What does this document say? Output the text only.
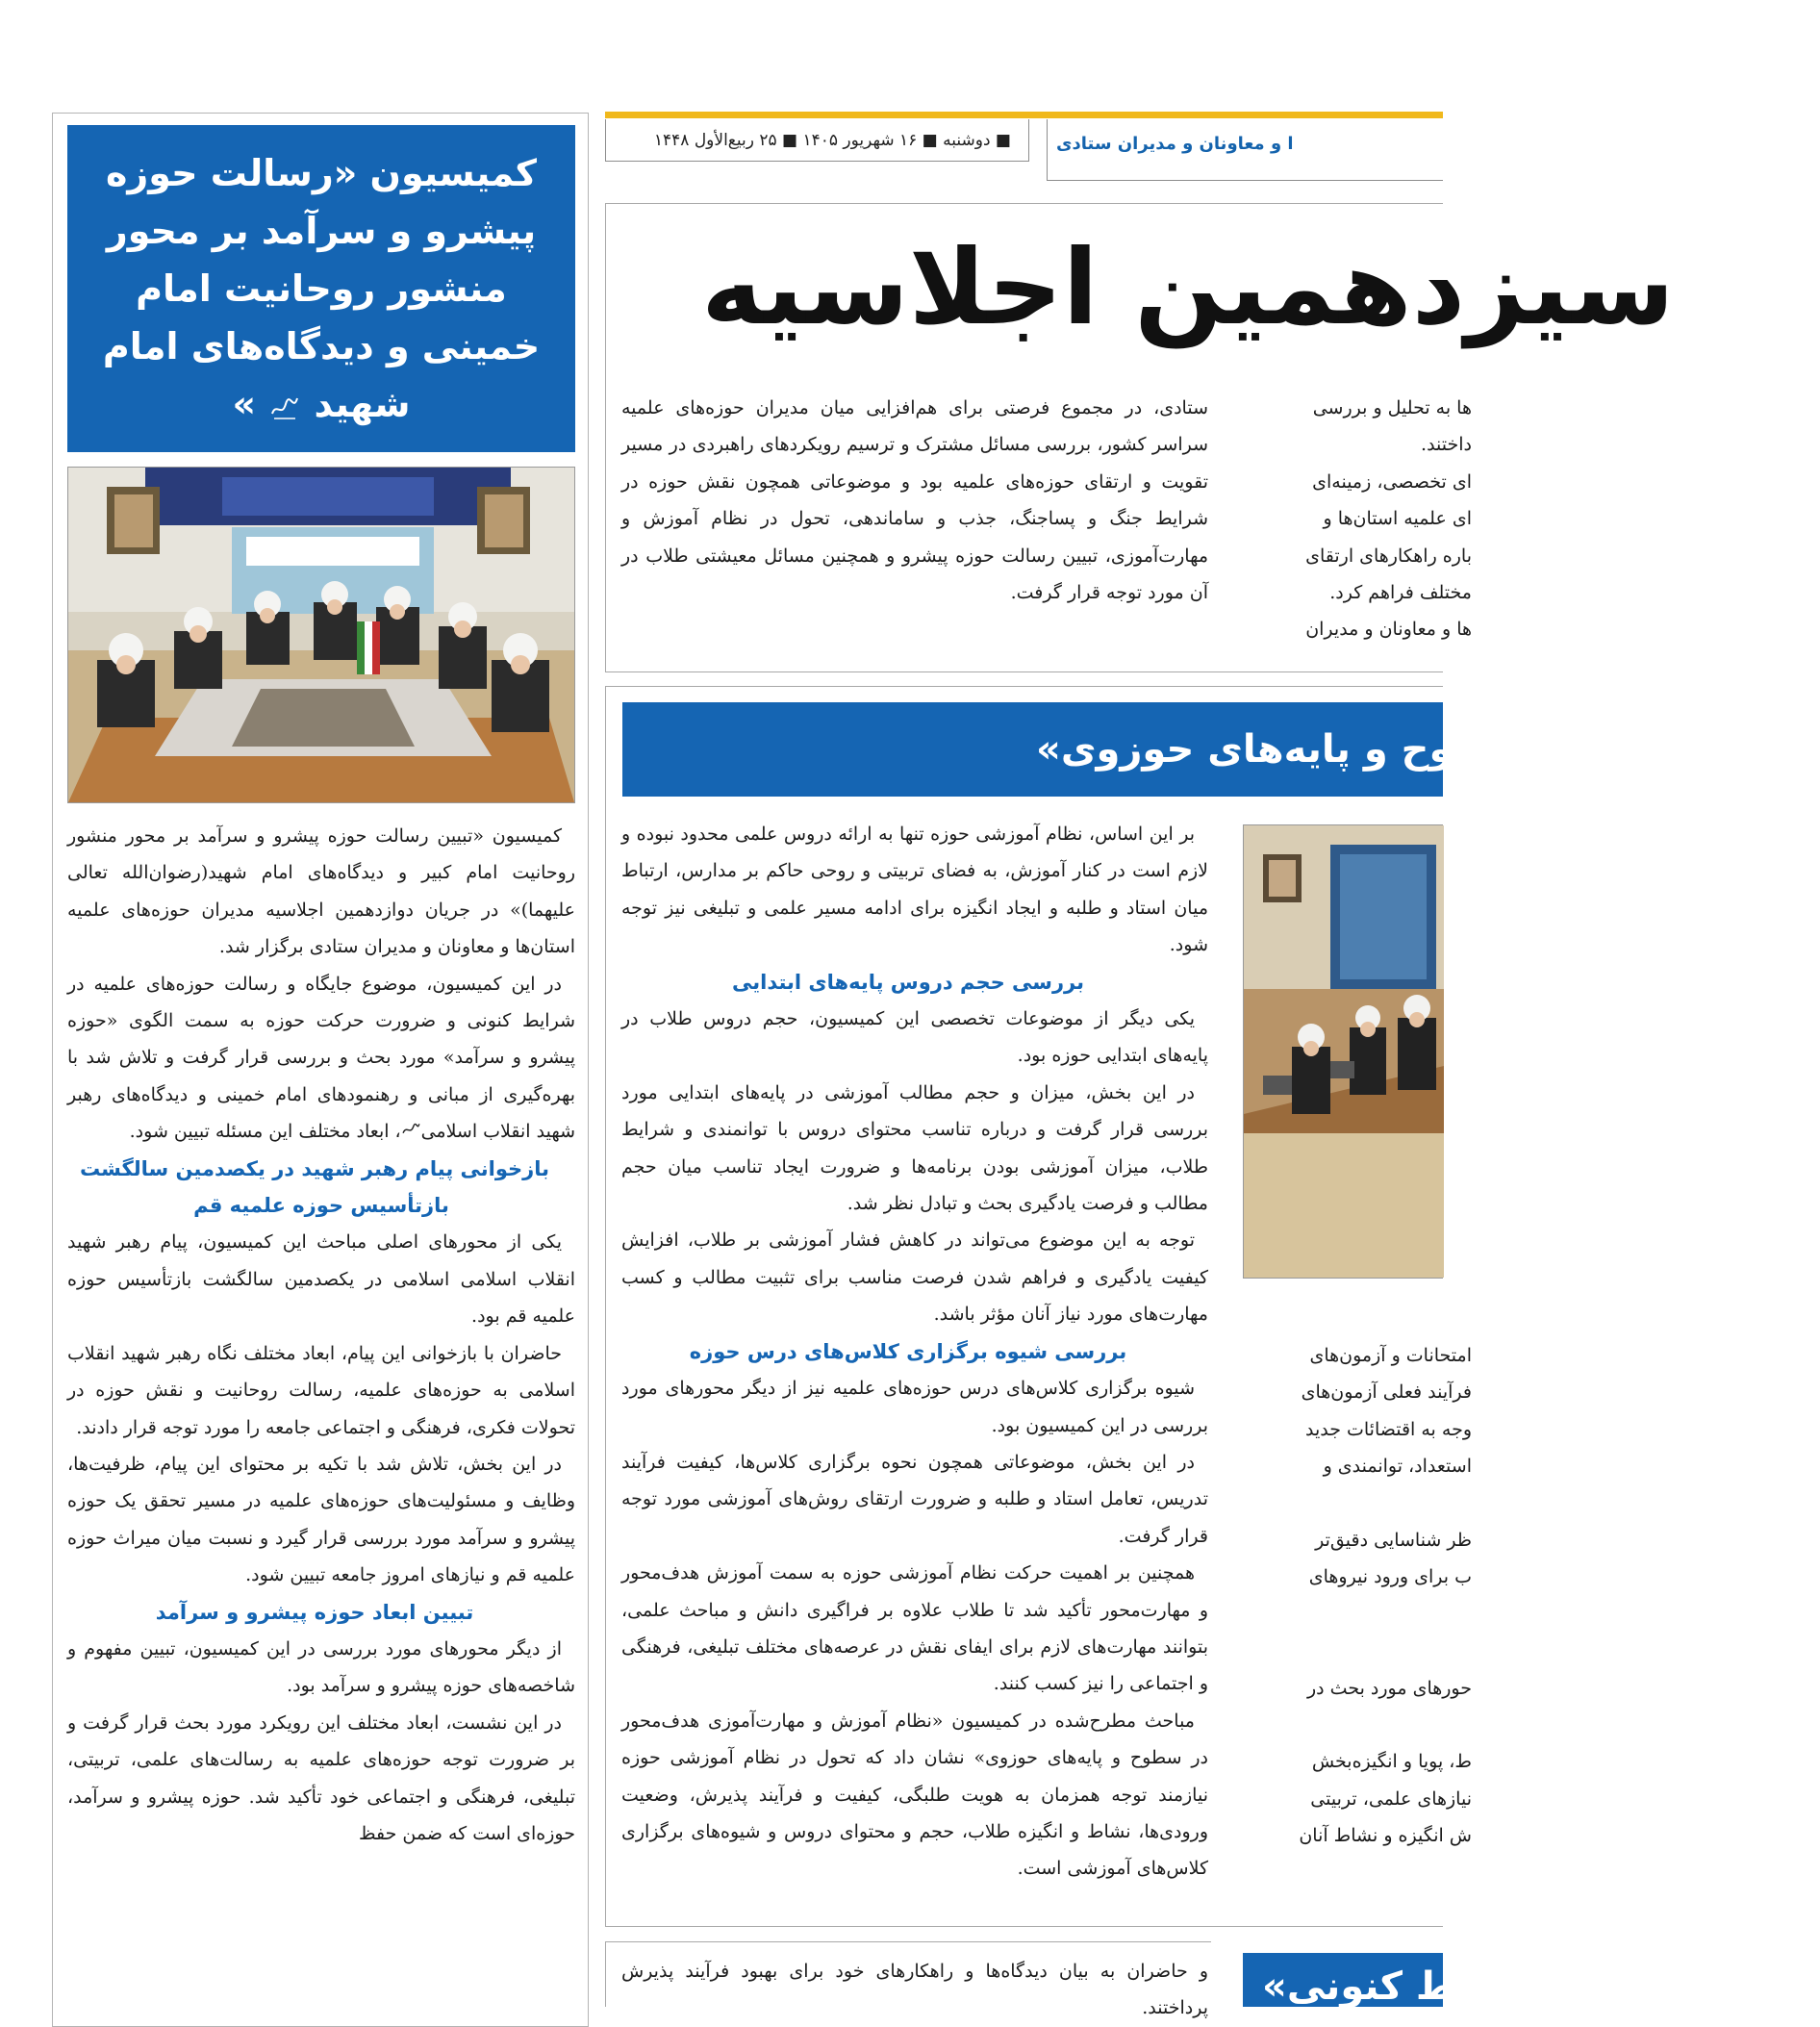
■ دوشنبه ■ ۱۶ شهریور ۱۴۰۵ ■ ۲۵ ربیع‌الأول ۱۴۴۸	ا و معاونان و مدیران ستادی
کمیسیون «رسالت حوزه پیشرو و سرآمد بر محور منشور روحانیت امام خمینی و دیدگاه‌های امام شهید  »

کمیسیون «تبیین رسالت حوزه پیشرو و سرآمد بر محور منشور روحانیت امام کبیر و دیدگاه‌های امام شهید(رضوان‌الله تعالی علیهما)» در جریان دوازدهمین اجلاسیه مدیران حوزه‌های علمیه استان‌ها و معاونان و مدیران ستادی برگزار شد.

در این کمیسیون، موضوع جایگاه و رسالت حوزه‌های علمیه در شرایط کنونی و ضرورت حرکت حوزه به سمت الگوی «حوزه پیشرو و سرآمد» مورد بحث و بررسی قرار گرفت و تلاش شد با بهره‌گیری از مبانی و رهنمودهای امام خمینی و دیدگاه‌های رهبر شهید انقلاب اسلامی، ابعاد مختلف این مسئله تبیین شود.

بازخوانی پیام رهبر شهید در یکصدمین سالگشت بازتأسیس حوزه علمیه قم

یکی از محورهای اصلی مباحث این کمیسیون، پیام رهبر شهید انقلاب اسلامی اسلامی در یکصدمین سالگشت بازتأسیس حوزه علمیه قم بود.

حاضران با بازخوانی این پیام، ابعاد مختلف نگاه رهبر شهید انقلاب اسلامی به حوزه‌های علمیه، رسالت روحانیت و نقش حوزه در تحولات فکری، فرهنگی و اجتماعی جامعه را مورد توجه قرار دادند.

در این بخش، تلاش شد با تکیه بر محتوای این پیام، ظرفیت‌ها، وظایف و مسئولیت‌های حوزه‌های علمیه در مسیر تحقق یک حوزه پیشرو و سرآمد مورد بررسی قرار گیرد و نسبت میان میراث حوزه علمیه قم و نیازهای امروز جامعه تبیین شود.

تبیین ابعاد حوزه پیشرو و سرآمد

از دیگر محورهای مورد بررسی در این کمیسیون، تبیین مفهوم و شاخصه‌های حوزه پیشرو و سرآمد بود.

در این نشست، ابعاد مختلف این رویکرد مورد بحث قرار گرفت و بر ضرورت توجه حوزه‌های علمیه به رسالت‌های علمی، تربیتی، تبلیغی، فرهنگی و اجتماعی خود تأکید شد. حوزه پیشرو و سرآمد، حوزه‌ای است که ضمن حفظ

سیزدهمین اجلاسیه

ستادی، در مجموع فرصتی برای هم‌افزایی میان مدیران حوزه‌های علمیه سراسر کشور، بررسی مسائل مشترک و ترسیم رویکردهای راهبردی در مسیر تقویت و ارتقای حوزه‌های علمیه بود و موضوعاتی همچون نقش حوزه در شرایط جنگ و پساجنگ، جذب و ساماندهی، تحول در نظام آموزش و مهارت‌آموزی، تبیین رسالت حوزه پیشرو و همچنین مسائل معیشتی طلاب در آن مورد توجه قرار گرفت.

ها به تحلیل و بررسی

داختند.

ای تخصصی، زمینه‌ای

ای علمیه استان‌ها و

باره راهکارهای ارتقای

مختلف فراهم کرد.

ها و معاونان و مدیران

«سطوح و پایه‌های حوزوی»

بر این اساس، نظام آموزشی حوزه تنها به ارائه دروس علمی محدود نبوده و لازم است در کنار آموزش، به فضای تربیتی و روحی حاکم بر مدارس، ارتباط میان استاد و طلبه و ایجاد انگیزه برای ادامه مسیر علمی و تبلیغی نیز توجه شود.

بررسی حجم دروس پایه‌های ابتدایی

یکی دیگر از موضوعات تخصصی این کمیسیون، حجم دروس طلاب در پایه‌های ابتدایی حوزه بود.

در این بخش، میزان و حجم مطالب آموزشی در پایه‌های ابتدایی مورد بررسی قرار گرفت و درباره تناسب محتوای دروس با توانمندی و شرایط طلاب، میزان آموزشی بودن برنامه‌ها و ضرورت ایجاد تناسب میان حجم مطالب و فرصت یادگیری بحث و تبادل نظر شد.

توجه به این موضوع می‌تواند در کاهش فشار آموزشی بر طلاب، افزایش کیفیت یادگیری و فراهم شدن فرصت مناسب برای تثبیت مطالب و کسب مهارت‌های مورد نیاز آنان مؤثر باشد.

بررسی شیوه برگزاری کلاس‌های درس حوزه

شیوه برگزاری کلاس‌های درس حوزه‌های علمیه نیز از دیگر محورهای مورد بررسی در این کمیسیون بود.

در این بخش، موضوعاتی همچون نحوه برگزاری کلاس‌ها، کیفیت فرآیند تدریس، تعامل استاد و طلبه و ضرورت ارتقای روش‌های آموزشی مورد توجه قرار گرفت.

همچنین بر اهمیت حرکت نظام آموزشی حوزه به سمت آموزش هدف‌محور و مهارت‌محور تأکید شد تا طلاب علاوه بر فراگیری دانش و مباحث علمی، بتوانند مهارت‌های لازم برای ایفای نقش در عرصه‌های مختلف تبلیغی، فرهنگی و اجتماعی را نیز کسب کنند.

مباحث مطرح‌شده در کمیسیون «نظام آموزش و مهارت‌آموزی هدف‌محور در سطوح و پایه‌های حوزوی» نشان داد که تحول در نظام آموزشی حوزه نیازمند توجه همزمان به هویت طلبگی، کیفیت و فرآیند پذیرش، وضعیت ورودی‌ها، نشاط و انگیزه طلاب، حجم و محتوای دروس و شیوه‌های برگزاری کلاس‌های آموزشی است.

امتحانات و آزمون‌های

فرآیند فعلی آزمون‌های

وجه به اقتضائات جدید

استعداد، توانمندی و

ظر شناسایی دقیق‌تر

ب برای ورود نیروهای

حورهای مورد بحث در

ط، پویا و انگیزه‌بخش

نیازهای علمی، تربیتی

ش انگیزه و نشاط آنان

و حاضران به بیان دیدگاه‌ها و راهکارهای خود برای بهبود فرآیند پذیرش پرداختند. شرایط کنونی»
